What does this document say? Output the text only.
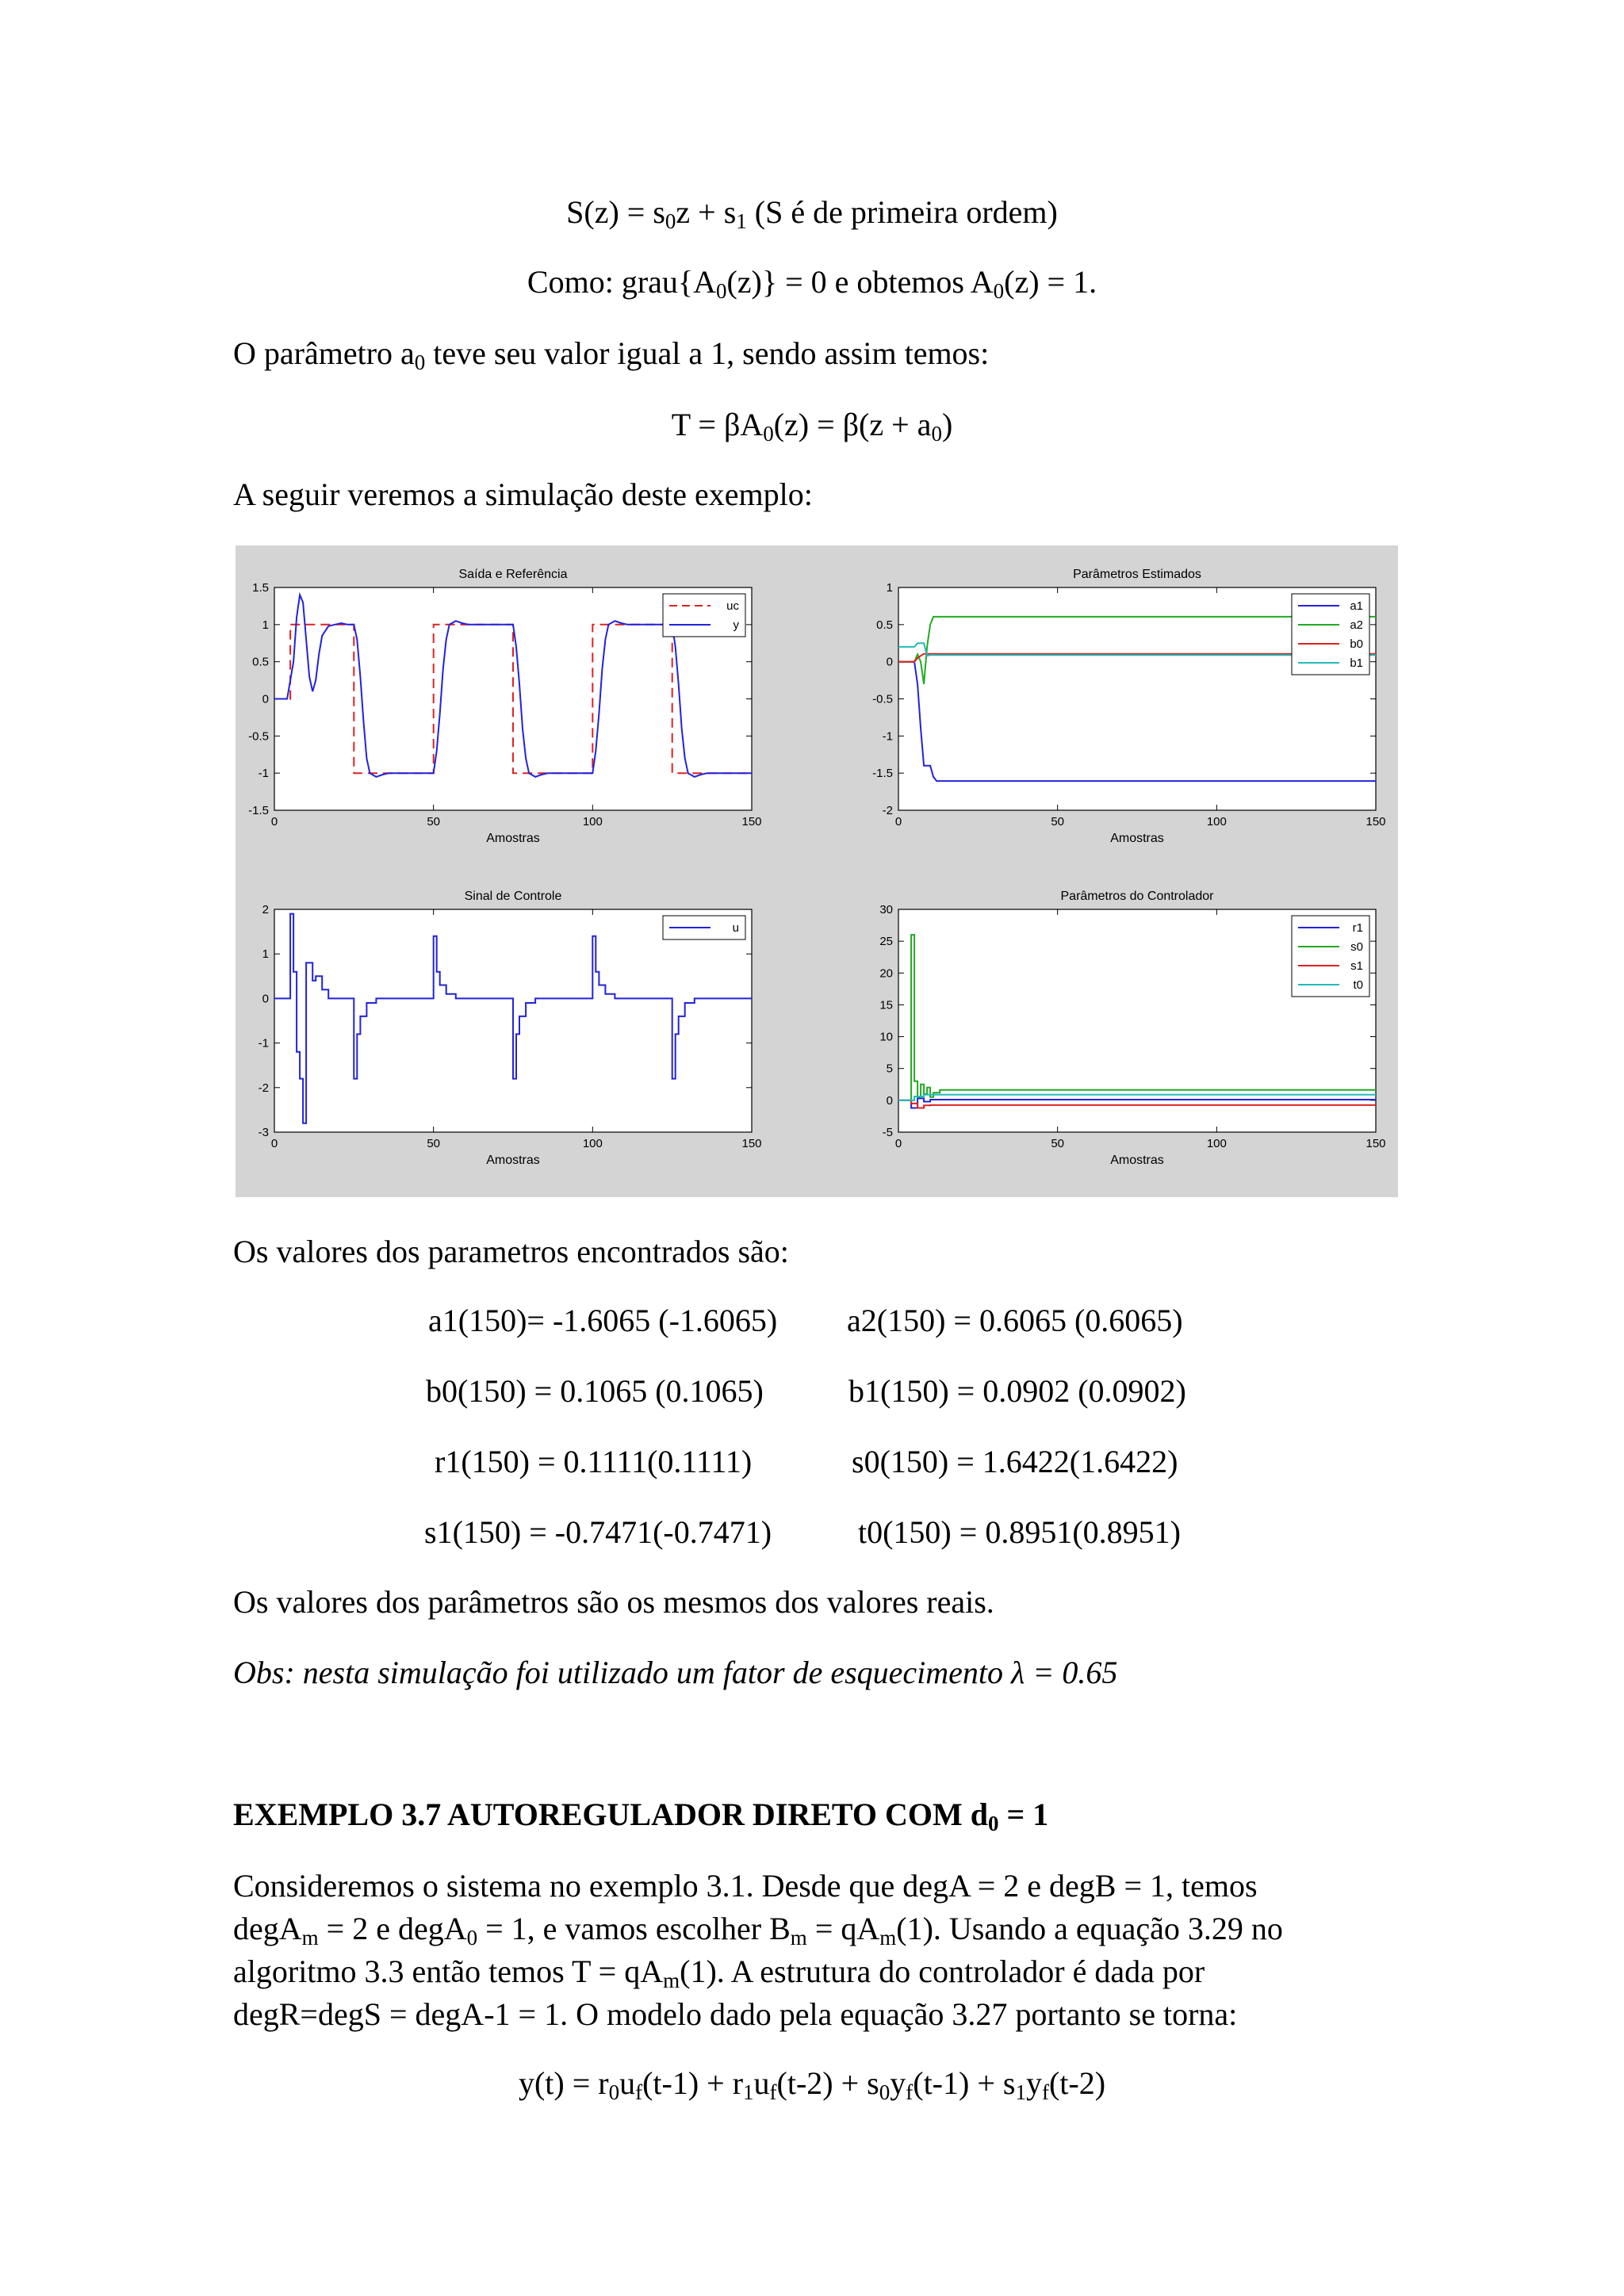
$S(z) = s_0z + s_1$ (S é de primeira ordem)
Como: $grau\{A_0(z)\} = 0$ e obtemos $A_0(z) = 1$.
O parâmetro $a_0$ teve seu valor igual a 1, sendo assim temos:
$T = \beta A_0(z) = \beta(z + a_0)$
A seguir veremos a simulação deste exemplo:
0	50	100	150
-1.5
-1
-0.5
0
0.5
1
1.5
Saída e Referência
Amostras
uc
y
0	50	100	150
-2
-1.5
-1
-0.5
0
0.5
1
Parâmetros Estimados
Amostras
a1
a2
b0
b1
0	50	100	150
-3
-2
-1
0
1
2
Sinal de Controle
Amostras
u
0	50	100	150
-5
0
5
10
15
20
25
30
Parâmetros do Controlador
Amostras
r1
s0
s1
t0
Os valores dos parametros encontrados são:
a1(150)= -1.6065 (-1.6065) a2(150) = 0.6065 (0.6065)
b0(150) = 0.1065 (0.1065)	b1(150) = 0.0902 (0.0902)
r1(150) = 0.1111(0.1111)	s0(150) = 1.6422(1.6422)
s1(150) = -0.7471(-0.7471)	t0(150) = 0.8951(0.8951)
Os valores dos parâmetros são os mesmos dos valores reais.
Obs: nesta simulação foi utilizado um fator de esquecimento λ = 0.65
EXEMPLO 3.7 AUTOREGULADOR DIRETO COM $d_0 = 1$
Consideremos o sistema no exemplo 3.1. Desde que degA = 2 e degB = 1, temos
degA$_m$ = 2 e degA$_0$ = 1, e vamos escolher $B_m = qA_m(1)$. Usando a equação 3.29 no
algoritmo 3.3 então temos $T = qA_m(1)$. A estrutura do controlador é dada por
degR=degS = degA-1 = 1. O modelo dado pela equação 3.27 portanto se torna:
$y(t) = r_0u_f(t-1) + r_1u_f(t-2) + s_0y_f(t-1) + s_1y_f(t-2)$
